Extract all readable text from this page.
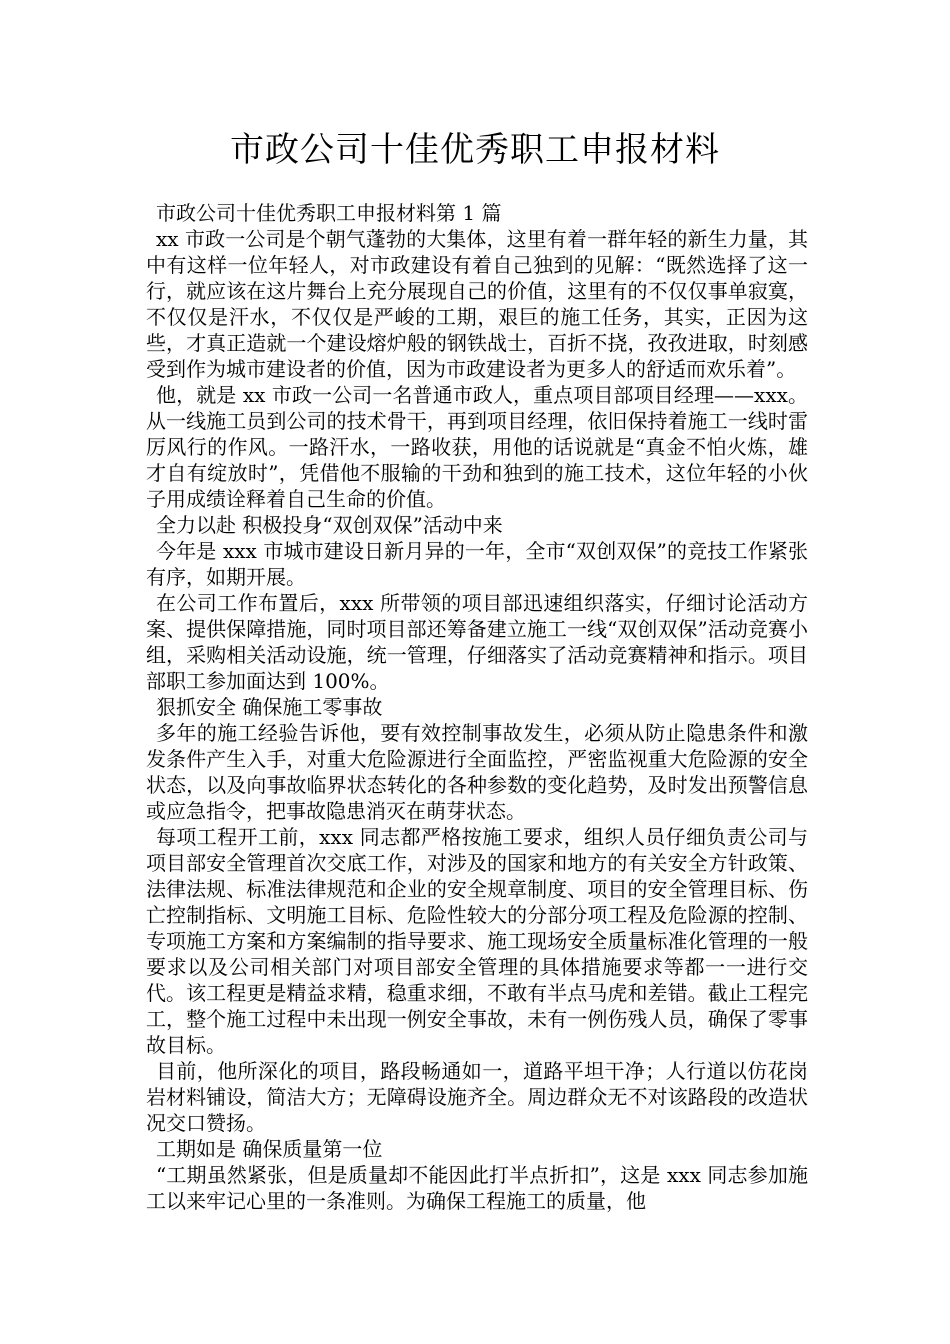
市政公司十佳优秀职工申报材料

市政公司十佳优秀职工申报材料第 1 篇

xx 市政一公司是个朝气蓬勃的大集体，这里有着一群年轻的新生力量，其中有这样一位年轻人，对市政建设有着自己独到的见解：“既然选择了这一行，就应该在这片舞台上充分展现自己的价值，这里有的不仅仅事单寂寞，不仅仅是汗水，不仅仅是严峻的工期，艰巨的施工任务，其实，正因为这些，才真正造就一个建设熔炉般的钢铁战士，百折不挠，孜孜进取，时刻感受到作为城市建设者的价值，因为市政建设者为更多人的舒适而欢乐着”。

他，就是 xx 市政一公司一名普通市政人，重点项目部项目经理——xxx。从一线施工员到公司的技术骨干，再到项目经理，依旧保持着施工一线时雷厉风行的作风。一路汗水，一路收获，用他的话说就是“真金不怕火炼，雄才自有绽放时”，凭借他不服输的干劲和独到的施工技术，这位年轻的小伙子用成绩诠释着自己生命的价值。

全力以赴 积极投身“双创双保”活动中来

今年是 xxx 市城市建设日新月异的一年，全市“双创双保”的竞技工作紧张有序，如期开展。

在公司工作布置后，xxx 所带领的项目部迅速组织落实，仔细讨论活动方案、提供保障措施，同时项目部还筹备建立施工一线“双创双保”活动竞赛小组，采购相关活动设施，统一管理，仔细落实了活动竞赛精神和指示。项目部职工参加面达到 100%。

狠抓安全 确保施工零事故

多年的施工经验告诉他，要有效控制事故发生，必须从防止隐患条件和激发条件产生入手，对重大危险源进行全面监控，严密监视重大危险源的安全状态，以及向事故临界状态转化的各种参数的变化趋势，及时发出预警信息或应急指令，把事故隐患消灭在萌芽状态。

每项工程开工前，xxx 同志都严格按施工要求，组织人员仔细负责公司与项目部安全管理首次交底工作，对涉及的国家和地方的有关安全方针政策、法律法规、标准法律规范和企业的安全规章制度、项目的安全管理目标、伤亡控制指标、文明施工目标、危险性较大的分部分项工程及危险源的控制、专项施工方案和方案编制的指导要求、施工现场安全质量标准化管理的一般要求以及公司相关部门对项目部安全管理的具体措施要求等都一一进行交代。该工程更是精益求精，稳重求细，不敢有半点马虎和差错。截止工程完工，整个施工过程中未出现一例安全事故，未有一例伤残人员，确保了零事故目标。

目前，他所深化的项目，路段畅通如一，道路平坦干净；人行道以仿花岗岩材料铺设，简洁大方；无障碍设施齐全。周边群众无不对该路段的改造状况交口赞扬。

工期如是 确保质量第一位

“工期虽然紧张，但是质量却不能因此打半点折扣”，这是 xxx 同志参加施工以来牢记心里的一条准则。为确保工程施工的质量，他
